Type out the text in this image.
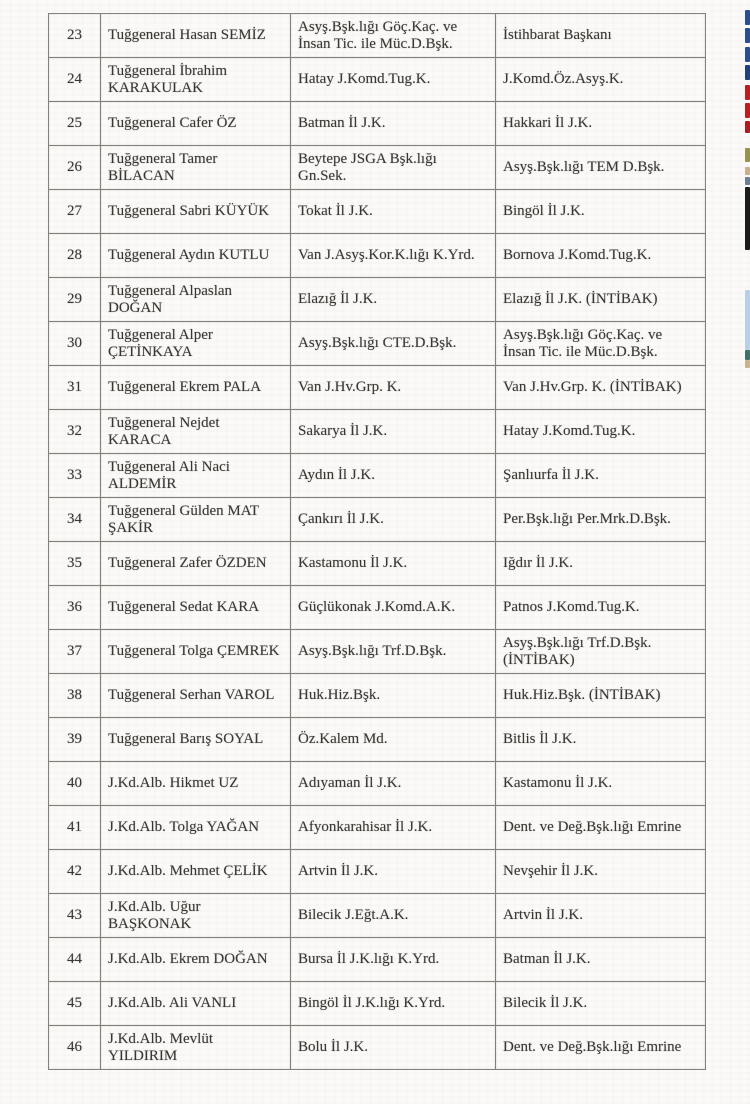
23	Tuğgeneral Hasan SEMİZ	Asyş.Bşk.lığı Göç.Kaç. ve İnsan Tic. ile Müc.D.Bşk.	İstihbarat Başkanı
24	Tuğgeneral İbrahim KARAKULAK	Hatay J.Komd.Tug.K.	J.Komd.Öz.Asyş.K.
25	Tuğgeneral Cafer ÖZ	Batman İl J.K.	Hakkari İl J.K.
26	Tuğgeneral Tamer BİLACAN	Beytepe JSGA Bşk.lığı Gn.Sek.	Asyş.Bşk.lığı TEM D.Bşk.
27	Tuğgeneral Sabri KÜYÜK	Tokat İl J.K.	Bingöl İl J.K.
28	Tuğgeneral Aydın KUTLU	Van J.Asyş.Kor.K.lığı K.Yrd.	Bornova J.Komd.Tug.K.
29	Tuğgeneral Alpaslan DOĞAN	Elazığ İl J.K.	Elazığ İl J.K. (İNTİBAK)
30	Tuğgeneral Alper ÇETİNKAYA	Asyş.Bşk.lığı CTE.D.Bşk.	Asyş.Bşk.lığı Göç.Kaç. ve İnsan Tic. ile Müc.D.Bşk.
31	Tuğgeneral Ekrem PALA	Van J.Hv.Grp. K.	Van J.Hv.Grp. K. (İNTİBAK)
32	Tuğgeneral Nejdet KARACA	Sakarya İl J.K.	Hatay J.Komd.Tug.K.
33	Tuğgeneral Ali Naci ALDEMİR	Aydın İl J.K.	Şanlıurfa İl J.K.
34	Tuğgeneral Gülden MAT ŞAKİR	Çankırı İl J.K.	Per.Bşk.lığı Per.Mrk.D.Bşk.
35	Tuğgeneral Zafer ÖZDEN	Kastamonu İl J.K.	Iğdır İl J.K.
36	Tuğgeneral Sedat KARA	Güçlükonak J.Komd.A.K.	Patnos J.Komd.Tug.K.
37	Tuğgeneral Tolga ÇEMREK	Asyş.Bşk.lığı Trf.D.Bşk.	Asyş.Bşk.lığı Trf.D.Bşk. (İNTİBAK)
38	Tuğgeneral Serhan VAROL	Huk.Hiz.Bşk.	Huk.Hiz.Bşk. (İNTİBAK)
39	Tuğgeneral Barış SOYAL	Öz.Kalem Md.	Bitlis İl J.K.
40	J.Kd.Alb. Hikmet UZ	Adıyaman İl J.K.	Kastamonu İl J.K.
41	J.Kd.Alb. Tolga YAĞAN	Afyonkarahisar İl J.K.	Dent. ve Değ.Bşk.lığı Emrine
42	J.Kd.Alb. Mehmet ÇELİK	Artvin İl J.K.	Nevşehir İl J.K.
43	J.Kd.Alb. Uğur BAŞKONAK	Bilecik J.Eğt.A.K.	Artvin İl J.K.
44	J.Kd.Alb. Ekrem DOĞAN	Bursa İl J.K.lığı K.Yrd.	Batman İl J.K.
45	J.Kd.Alb. Ali VANLI	Bingöl İl J.K.lığı K.Yrd.	Bilecik İl J.K.
46	J.Kd.Alb. Mevlüt YILDIRIM	Bolu İl J.K.	Dent. ve Değ.Bşk.lığı Emrine
